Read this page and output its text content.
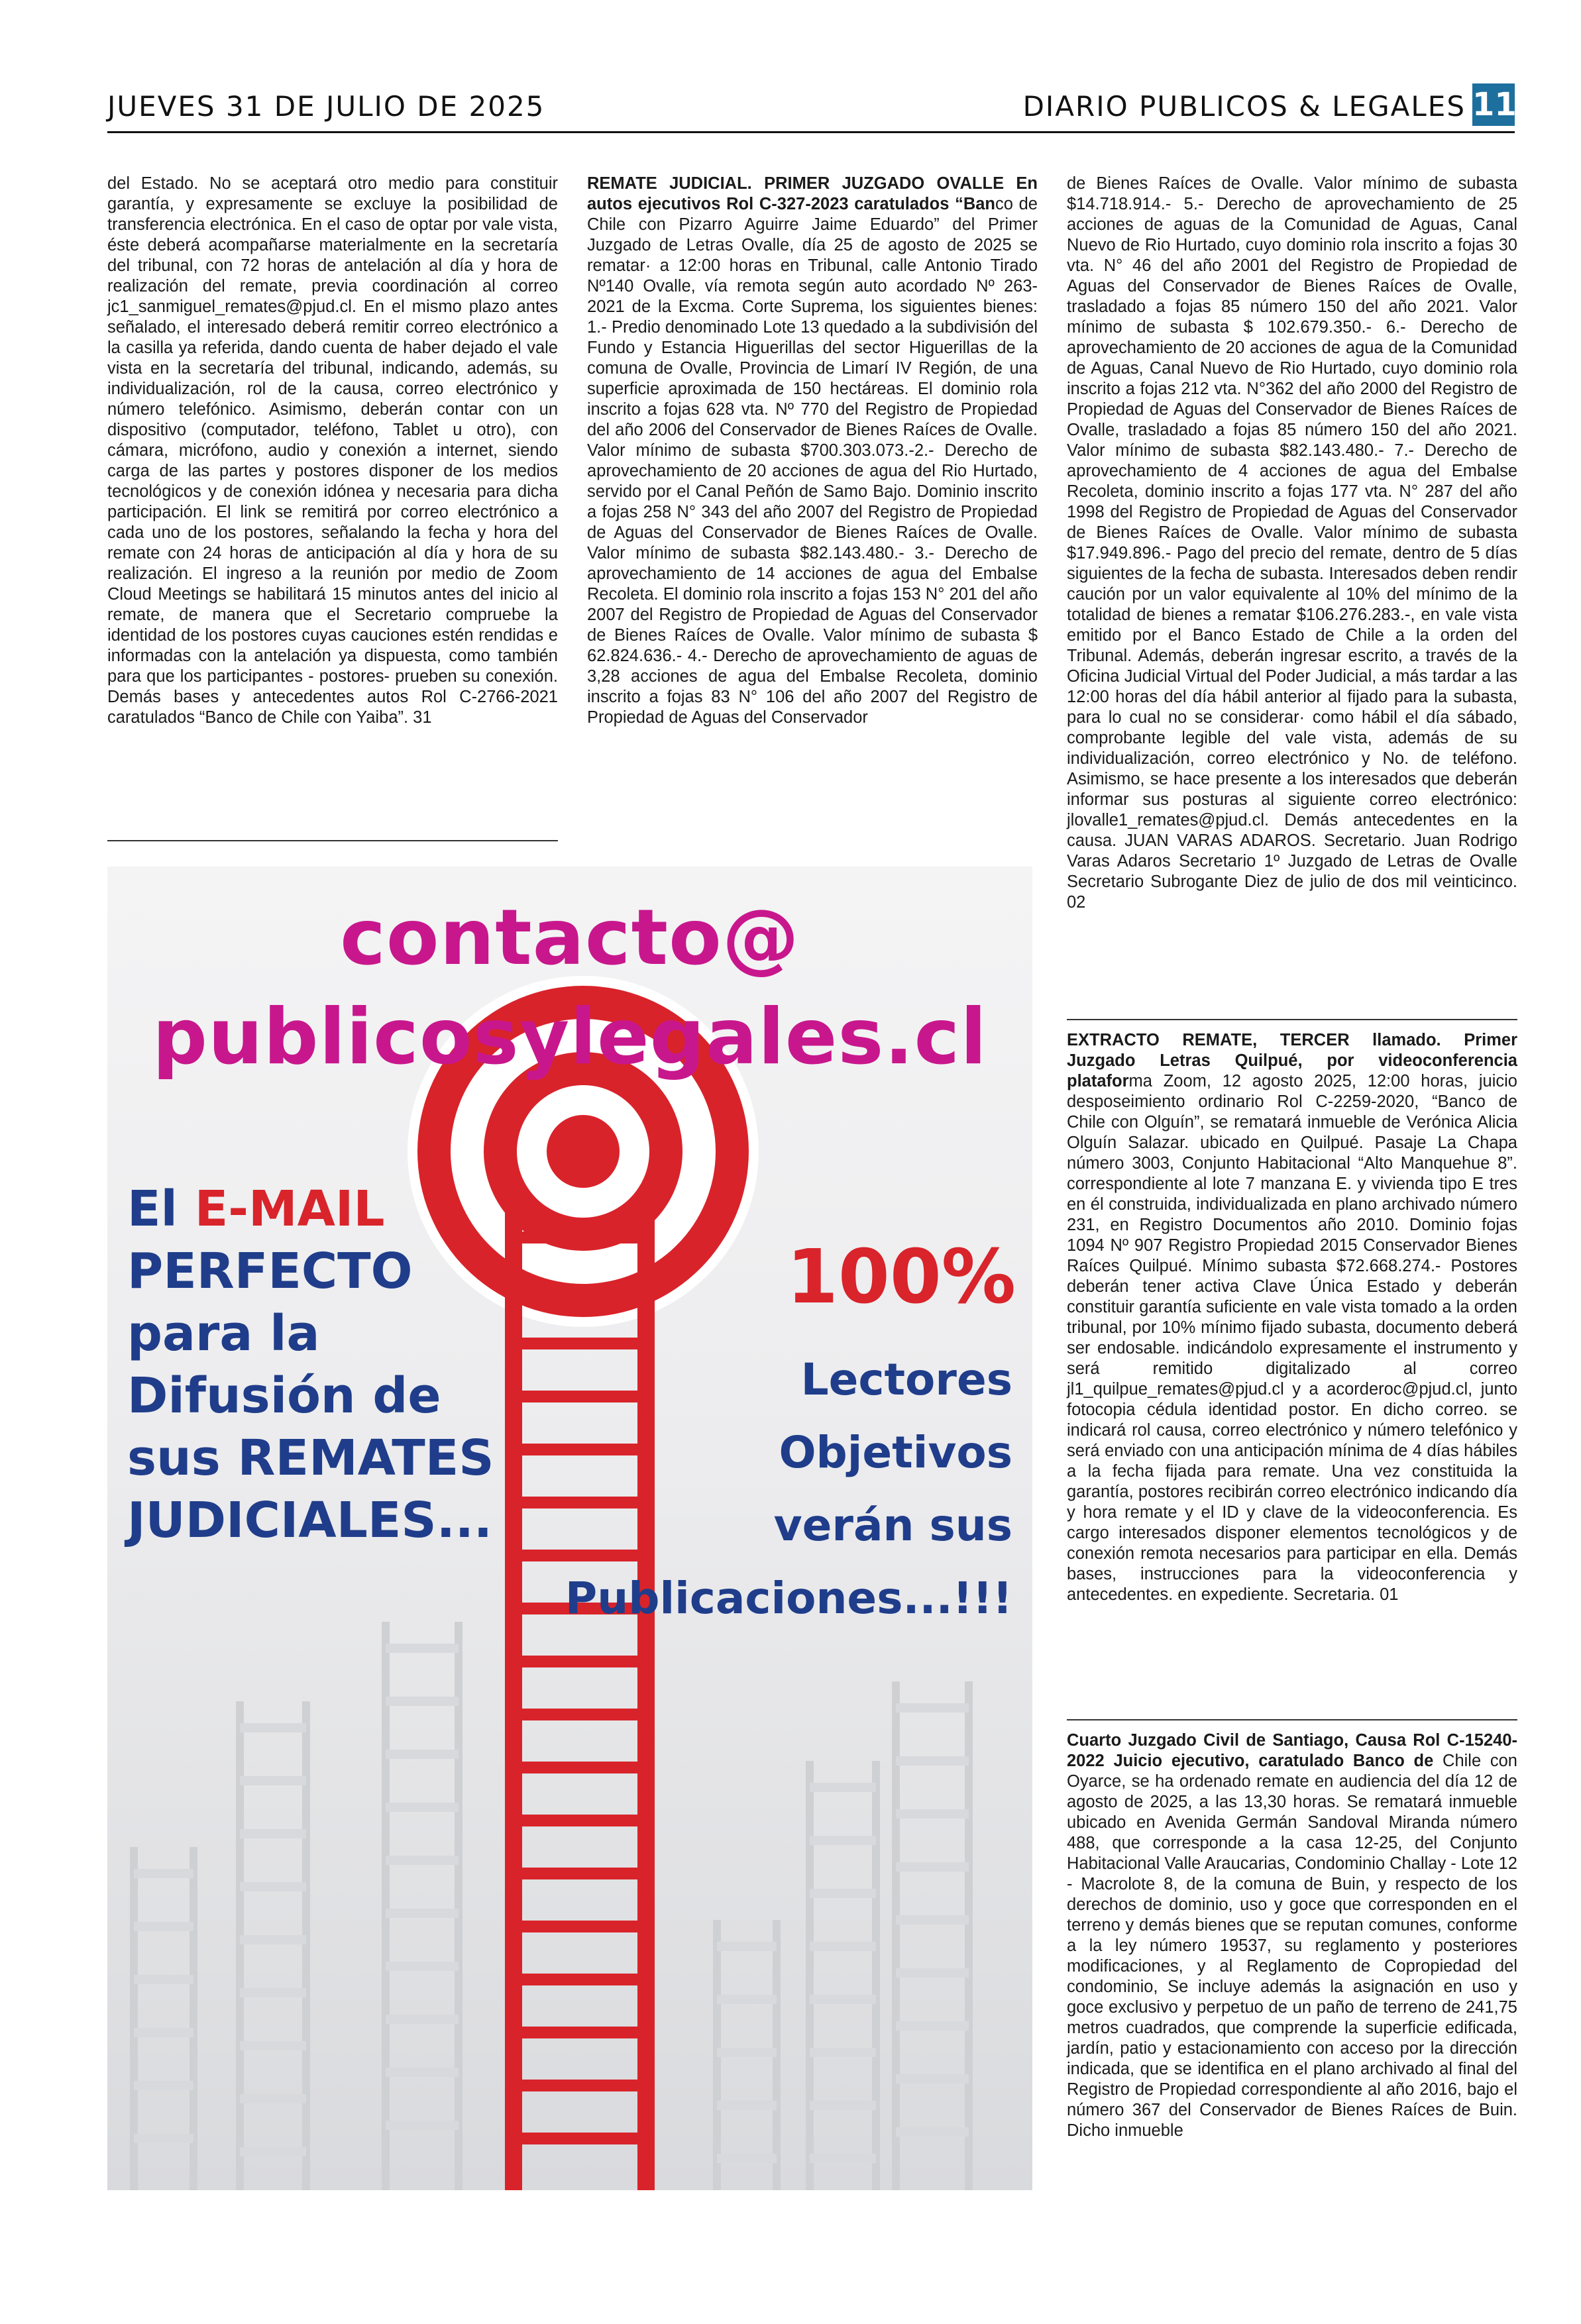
JUEVES 31 DE JULIO DE 2025	DIARIO PUBLICOS & LEGALES 11

del Estado. No se aceptará otro medio para constituir garantía, y expresamente se excluye la posibilidad de transferencia electrónica. En el caso de optar por vale vista, éste deberá acompañarse materialmente en la secretaría del tribunal, con 72 horas de antelación al día y hora de realización del remate, previa coordinación al correo jc1_sanmiguel_remates@pjud.cl. En el mismo plazo antes señalado, el interesado deberá remitir correo electrónico a la casilla ya referida, dando cuenta de haber dejado el vale vista en la secretaría del tribunal, indicando, además, su individualización, rol de la causa, correo electrónico y número telefónico. Asimismo, deberán contar con un dispositivo (computador, teléfono, Tablet u otro), con cámara, micrófono, audio y conexión a internet, siendo carga de las partes y postores disponer de los medios tecnológicos y de conexión idónea y necesaria para dicha participación. El link se remitirá por correo electrónico a cada uno de los postores, señalando la fecha y hora del remate con 24 horas de anticipación al día y hora de su realización. El ingreso a la reunión por medio de Zoom Cloud Meetings se habilitará 15 minutos antes del inicio al remate, de manera que el Secretario compruebe la identidad de los postores cuyas cauciones estén rendidas e informadas con la antelación ya dispuesta, como también para que los participantes - postores- prueben su conexión. Demás bases y antecedentes autos Rol C-2766-2021 caratulados “Banco de Chile con Yaiba”. 31

REMATE JUDICIAL. PRIMER JUZGADO OVALLE En autos ejecutivos Rol C-327-2023 caratulados “Banco de Chile con Pizarro Aguirre Jaime Eduardo” del Primer Juzgado de Letras Ovalle, día 25 de agosto de 2025 se rematar· a 12:00 horas en Tribunal, calle Antonio Tirado Nº140 Ovalle, vía remota según auto acordado Nº 263-2021 de la Excma. Corte Suprema, los siguientes bienes: 1.- Predio denominado Lote 13 quedado a la subdivisión del Fundo y Estancia Higuerillas del sector Higuerillas de la comuna de Ovalle, Provincia de Limarí IV Región, de una superficie aproximada de 150 hectáreas. El dominio rola inscrito a fojas 628 vta. Nº 770 del Registro de Propiedad del año 2006 del Conservador de Bienes Raíces de Ovalle. Valor mínimo de subasta $700.303.073.-2.- Derecho de aprovechamiento de 20 acciones de agua del Rio Hurtado, servido por el Canal Peñón de Samo Bajo. Dominio inscrito a fojas 258 N° 343 del año 2007 del Registro de Propiedad de Aguas del Conservador de Bienes Raíces de Ovalle. Valor mínimo de subasta $82.143.480.- 3.- Derecho de aprovechamiento de 14 acciones de agua del Embalse Recoleta. El dominio rola inscrito a fojas 153 N° 201 del año 2007 del Registro de Propiedad de Aguas del Conservador de Bienes Raíces de Ovalle. Valor mínimo de subasta $ 62.824.636.- 4.- Derecho de aprovechamiento de aguas de 3,28 acciones de agua del Embalse Recoleta, dominio inscrito a fojas 83 N° 106 del año 2007 del Registro de Propiedad de Aguas del Conservador

de Bienes Raíces de Ovalle. Valor mínimo de subasta $14.718.914.- 5.- Derecho de aprovechamiento de 25 acciones de aguas de la Comunidad de Aguas, Canal Nuevo de Rio Hurtado, cuyo dominio rola inscrito a fojas 30 vta. N° 46 del año 2001 del Registro de Propiedad de Aguas del Conservador de Bienes Raíces de Ovalle, trasladado a fojas 85 número 150 del año 2021. Valor mínimo de subasta $ 102.679.350.- 6.- Derecho de aprovechamiento de 20 acciones de agua de la Comunidad de Aguas, Canal Nuevo de Rio Hurtado, cuyo dominio rola inscrito a fojas 212 vta. N°362 del año 2000 del Registro de Propiedad de Aguas del Conservador de Bienes Raíces de Ovalle, trasladado a fojas 85 número 150 del año 2021. Valor mínimo de subasta $82.143.480.- 7.- Derecho de aprovechamiento de 4 acciones de agua del Embalse Recoleta, dominio inscrito a fojas 177 vta. N° 287 del año 1998 del Registro de Propiedad de Aguas del Conservador de Bienes Raíces de Ovalle. Valor mínimo de subasta $17.949.896.- Pago del precio del remate, dentro de 5 días siguientes de la fecha de subasta. Interesados deben rendir caución por un valor equivalente al 10% del mínimo de la totalidad de bienes a rematar $106.276.283.-, en vale vista emitido por el Banco Estado de Chile a la orden del Tribunal. Además, deberán ingresar escrito, a través de la Oficina Judicial Virtual del Poder Judicial, a más tardar a las 12:00 horas del día hábil anterior al fijado para la subasta, para lo cual no se considerar· como hábil el día sábado, comprobante legible del vale vista, además de su individualización, correo electrónico y No. de teléfono. Asimismo, se hace presente a los interesados que deberán informar sus posturas al siguiente correo electrónico: jlovalle1_remates@pjud.cl. Demás antecedentes en la causa. JUAN VARAS ADAROS. Secretario. Juan Rodrigo Varas Adaros Secretario 1º Juzgado de Letras de Ovalle Secretario Subrogante Diez de julio de dos mil veinticinco. 02

EXTRACTO REMATE, TERCER llamado. Primer Juzgado Letras Quilpué, por videoconferencia plataforma Zoom, 12 agosto 2025, 12:00 horas, juicio desposeimiento ordinario Rol C-2259-2020, “Banco de Chile con Olguín”, se rematará inmueble de Verónica Alicia Olguín Salazar. ubicado en Quilpué. Pasaje La Chapa número 3003, Conjunto Habitacional “Alto Manquehue 8”. correspondiente al lote 7 manzana E. y vivienda tipo E tres en él construida, individualizada en plano archivado número 231, en Registro Documentos año 2010. Dominio fojas 1094 Nº 907 Registro Propiedad 2015 Conservador Bienes Raíces Quilpué. Mínimo subasta $72.668.274.- Postores deberán tener activa Clave Única Estado y deberán constituir garantía suficiente en vale vista tomado a la orden tribunal, por 10% mínimo fijado subasta, documento deberá ser endosable. indicándolo expresamente el instrumento y será remitido digitalizado al correo jl1_quilpue_remates@pjud.cl y a acorderoc@pjud.cl, junto fotocopia cédula identidad postor. En dicho correo. se indicará rol causa, correo electrónico y número telefónico y será enviado con una anticipación mínima de 4 días hábiles a la fecha fijada para remate. Una vez constituida la garantía, postores recibirán correo electrónico indicando día y hora remate y el ID y clave de la videoconferencia. Es cargo interesados disponer elementos tecnológicos y de conexión remota necesarios para participar en ella. Demás bases, instrucciones para la videoconferencia y antecedentes. en expediente. Secretaria. 01

Cuarto Juzgado Civil de Santiago, Causa Rol C-15240-2022 Juicio ejecutivo, caratulado Banco de Chile con Oyarce, se ha ordenado remate en audiencia del día 12 de agosto de 2025, a las 13,30 horas. Se rematará inmueble ubicado en Avenida Germán Sandoval Miranda número 488, que corresponde a la casa 12-25, del Conjunto Habitacional Valle Araucarias, Condominio Challay - Lote 12 - Macrolote 8, de la comuna de Buin, y respecto de los derechos de dominio, uso y goce que corresponden en el terreno y demás bienes que se reputan comunes, conforme a la ley número 19537, su reglamento y posteriores modificaciones, y al Reglamento de Copropiedad del condominio, Se incluye además la asignación en uso y goce exclusivo y perpetuo de un paño de terreno de 241,75 metros cuadrados, que comprende la superficie edificada, jardín, patio y estacionamiento con acceso por la dirección indicada, que se identifica en el plano archivado al final del Registro de Propiedad correspondiente al año 2016, bajo el número 367 del Conservador de Bienes Raíces de Buin. Dicho inmueble

contacto@
publicosylegales.cl
El E-MAIL
PERFECTO
para la
Difusión de
sus REMATES
JUDICIALES...
100%
Lectores
Objetivos
verán sus
Publicaciones...!!!
